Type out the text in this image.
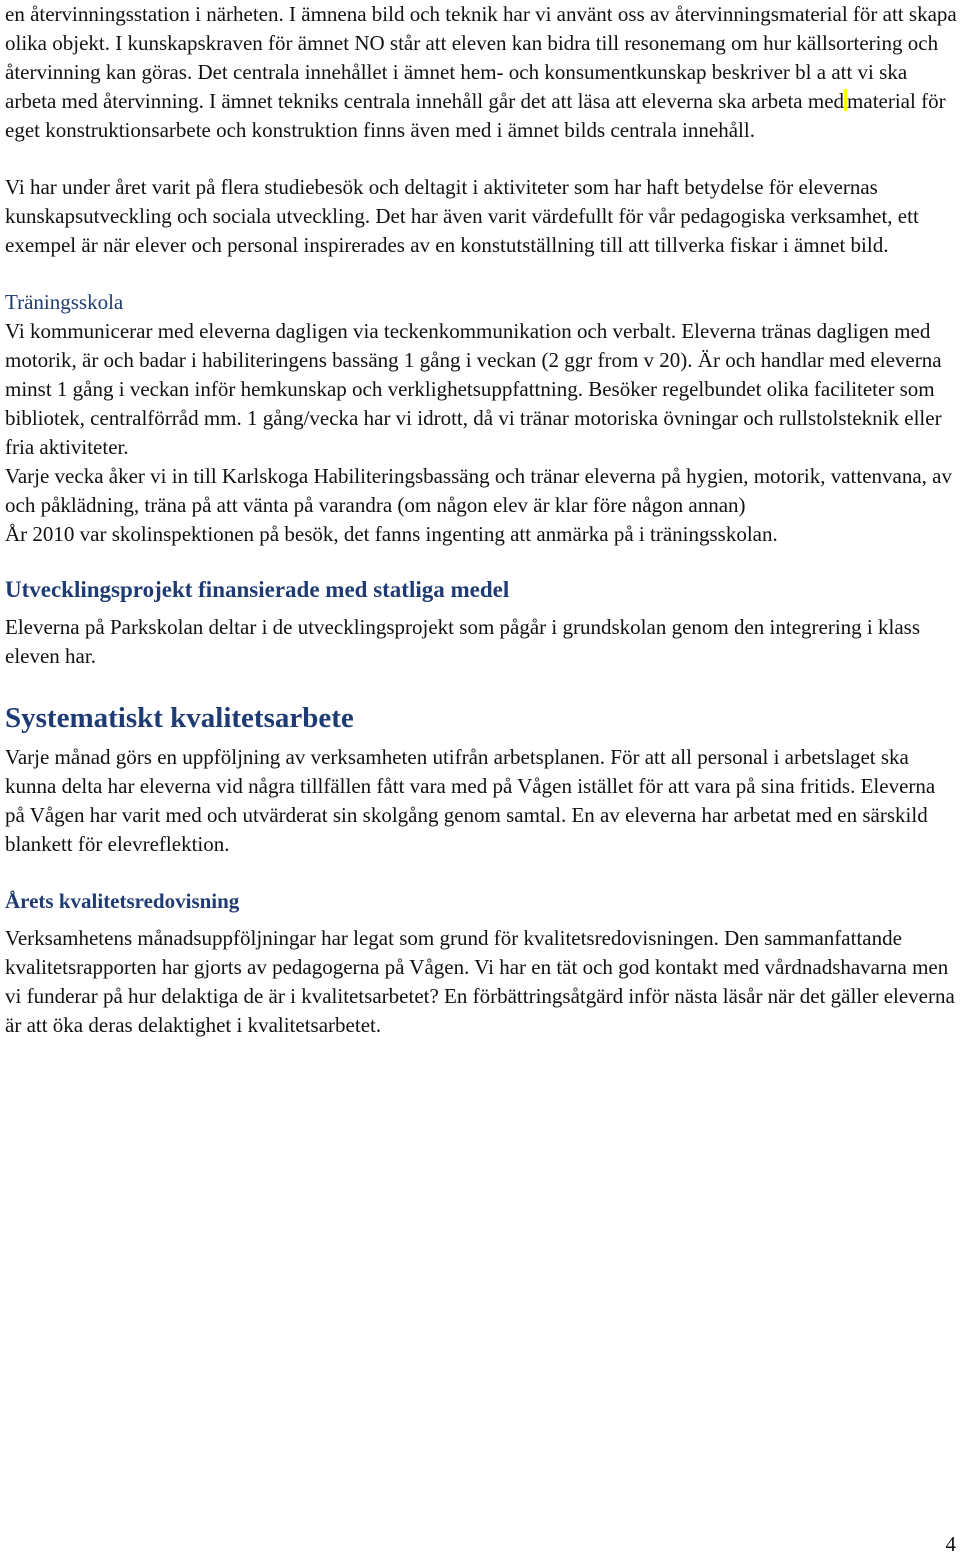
en återvinningsstation i närheten. I ämnena bild och teknik har vi använt oss av återvinningsmaterial för att skapa olika objekt. I kunskapskraven för ämnet NO står att eleven kan bidra till resonemang om hur källsortering och återvinning kan göras. Det centrala innehållet i ämnet hem- och konsumentkunskap beskriver bl a att vi ska arbeta med återvinning. I ämnet tekniks centrala innehåll går det att läsa att eleverna ska arbeta med material för eget konstruktionsarbete och konstruktion finns även med i ämnet bilds centrala innehåll.

Vi har under året varit på flera studiebesök och deltagit i aktiviteter som har haft betydelse för elevernas kunskapsutveckling och sociala utveckling. Det har även varit värdefullt för vår pedagogiska verksamhet, ett exempel är när elever och personal inspirerades av en konstutställning till att tillverka fiskar i ämnet bild.

Träningsskola

Vi kommunicerar med eleverna dagligen via teckenkommunikation och verbalt. Eleverna tränas dagligen med motorik, är och badar i habiliteringens bassäng 1 gång i veckan (2 ggr from v 20). Är och handlar med eleverna minst 1 gång i veckan inför hemkunskap och verklighetsuppfattning. Besöker regelbundet olika faciliteter som bibliotek, centralförråd mm. 1 gång/vecka har vi idrott, då vi tränar motoriska övningar och rullstolsteknik eller fria aktiviteter.

Varje vecka åker vi in till Karlskoga Habiliteringsbassäng och tränar eleverna på hygien, motorik, vattenvana, av och påklädning, träna på att vänta på varandra (om någon elev är klar före någon annan)

År 2010 var skolinspektionen på besök, det fanns ingenting att anmärka på i träningsskolan.

Utvecklingsprojekt finansierade med statliga medel

Eleverna på Parkskolan deltar i de utvecklingsprojekt som pågår i grundskolan genom den integrering i klass eleven har.

Systematiskt kvalitetsarbete

Varje månad görs en uppföljning av verksamheten utifrån arbetsplanen. För att all personal i arbetslaget ska kunna delta har eleverna vid några tillfällen fått vara med på Vågen istället för att vara på sina fritids. Eleverna på Vågen har varit med och utvärderat sin skolgång genom samtal. En av eleverna har arbetat med en särskild blankett för elevreflektion.

Årets kvalitetsredovisning

Verksamhetens månadsuppföljningar har legat som grund för kvalitetsredovisningen. Den sammanfattande kvalitetsrapporten har gjorts av pedagogerna på Vågen. Vi har en tät och god kontakt med vårdnadshavarna men vi funderar på hur delaktiga de är i kvalitetsarbetet? En förbättringsåtgärd inför nästa läsår när det gäller eleverna är att öka deras delaktighet i kvalitetsarbetet.

4
